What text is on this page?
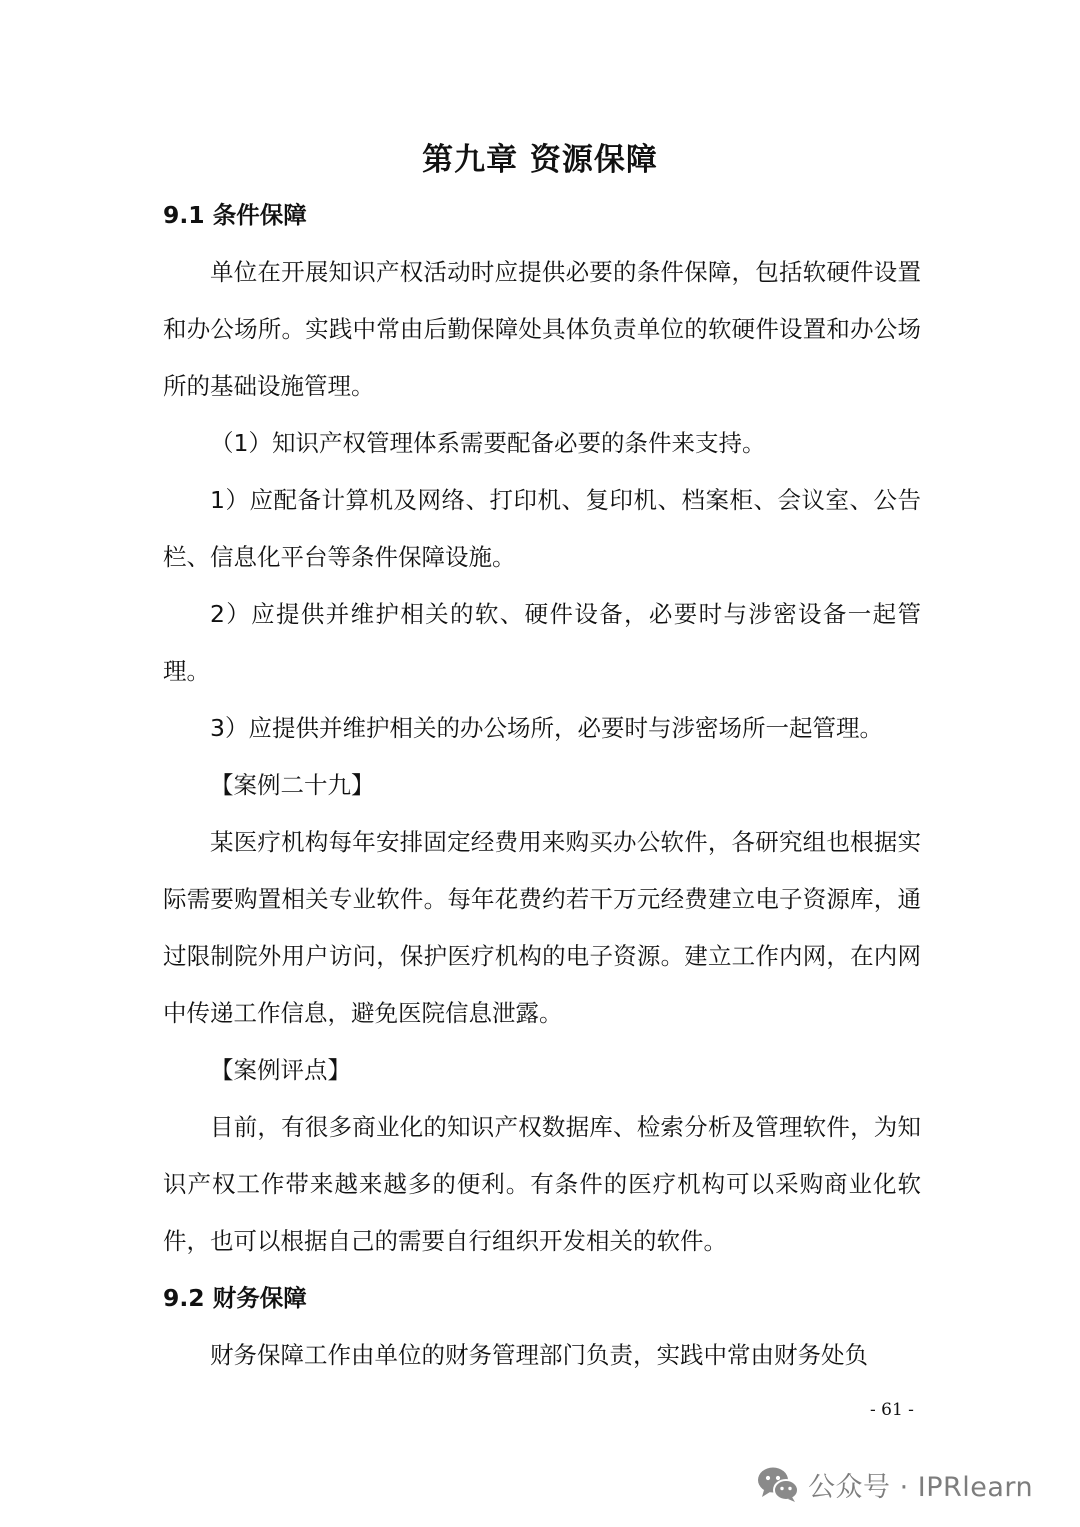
第九章 资源保障
9.1 条件保障

单位在开展知识产权活动时应提供必要的条件保障，包括软硬件设置和办公场所。实践中常由后勤保障处具体负责单位的软硬件设置和办公场所的基础设施管理。

（1）知识产权管理体系需要配备必要的条件来支持。

1）应配备计算机及网络、打印机、复印机、档案柜、会议室、公告栏、信息化平台等条件保障设施。

2）应提供并维护相关的软、硬件设备，必要时与涉密设备一起管理。

3）应提供并维护相关的办公场所，必要时与涉密场所一起管理。

【案例二十九】

某医疗机构每年安排固定经费用来购买办公软件，各研究组也根据实际需要购置相关专业软件。每年花费约若干万元经费建立电子资源库，通过限制院外用户访问，保护医疗机构的电子资源。建立工作内网，在内网中传递工作信息，避免医院信息泄露。

【案例评点】

目前，有很多商业化的知识产权数据库、检索分析及管理软件，为知识产权工作带来越来越多的便利。有条件的医疗机构可以采购商业化软件，也可以根据自己的需要自行组织开发相关的软件。

9.2 财务保障

财务保障工作由单位的财务管理部门负责，实践中常由财务处负

- 61 -
公众号 · IPRlearn
